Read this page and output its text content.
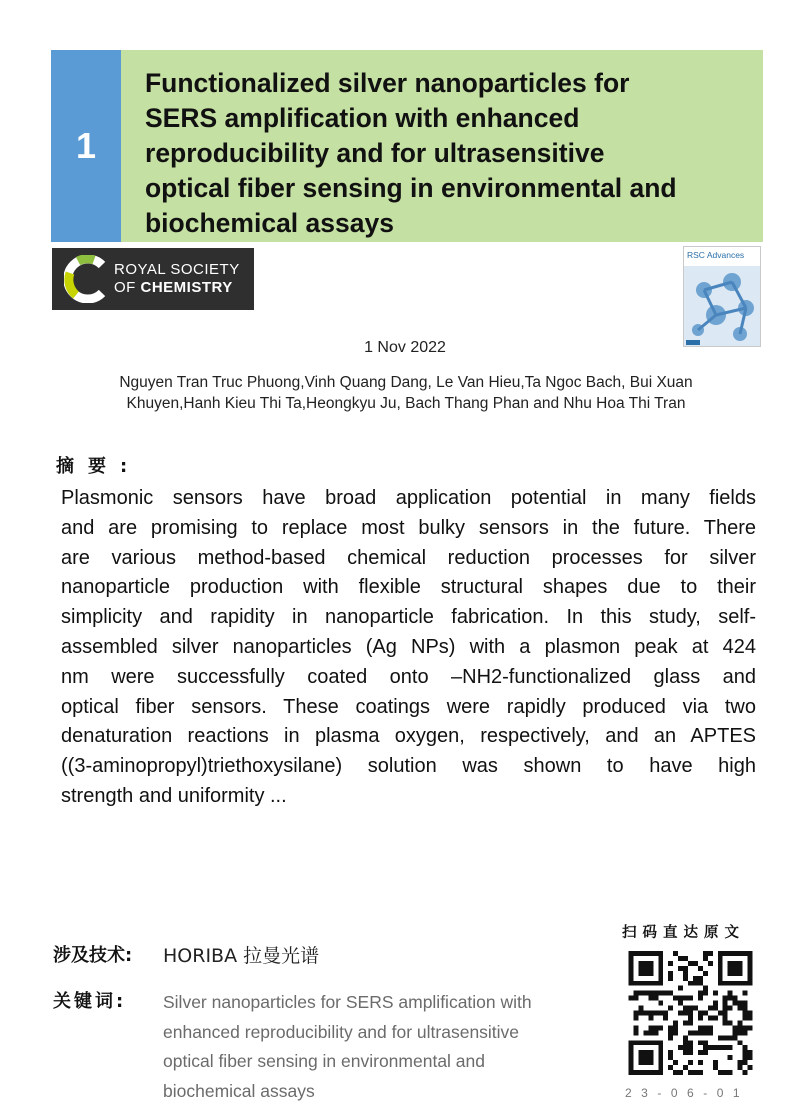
1
Functionalized silver nanoparticles for
SERS amplification with enhanced
reproducibility and for ultrasensitive
optical fiber sensing in environmental and
biochemical assays
ROYAL SOCIETY
OF CHEMISTRY
RSC Advances
1 Nov 2022
Nguyen Tran Truc Phuong,Vinh Quang Dang, Le Van Hieu,Ta Ngoc Bach, Bui Xuan
Khuyen,Hanh Kieu Thi Ta,Heongkyu Ju, Bach Thang Phan and Nhu Hoa Thi Tran
摘要:
Plasmonic sensors have broad application potential in many fields
and are promising to replace most bulky sensors in the future. There
are various method-based chemical reduction processes for silver
nanoparticle production with flexible structural shapes due to their
simplicity and rapidity in nanoparticle fabrication. In this study, self-
assembled silver nanoparticles (Ag NPs) with a plasmon peak at 424
nm were successfully coated onto –NH2-functionalized glass and
optical fiber sensors. These coatings were rapidly produced via two
denaturation reactions in plasma oxygen, respectively, and an APTES
((3-aminopropyl)triethoxysilane) solution was shown to have high
strength and uniformity ...
涉及技术: HORIBA 拉曼光谱
关键词: Silver nanoparticles for SERS amplification with
enhanced reproducibility and for ultrasensitive
optical fiber sensing in environmental and
biochemical assays
扫码直达原文
23-06-01
